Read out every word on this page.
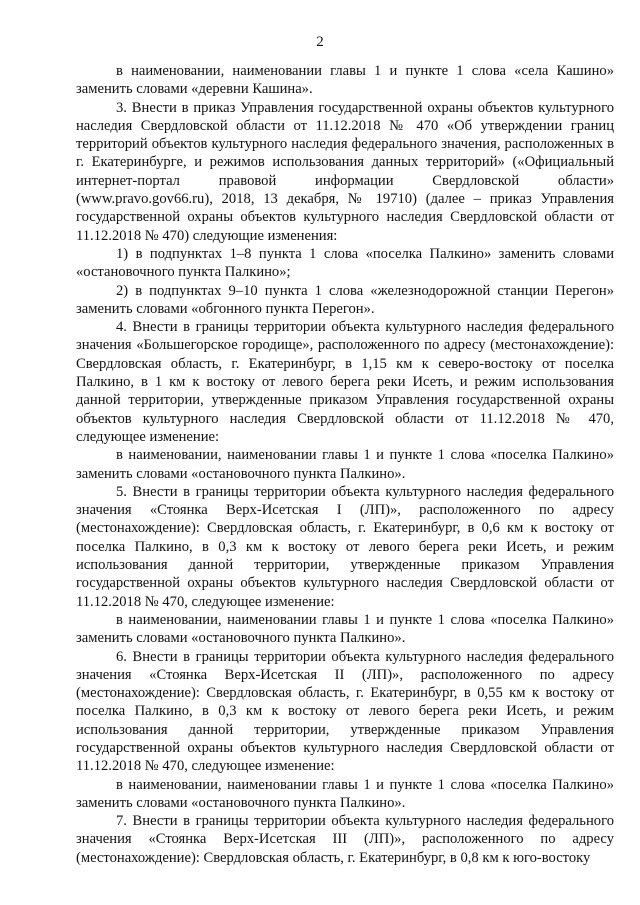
2

в наименовании, наименовании главы 1 и пункте 1 слова «села Кашино» заменить словами «деревни Кашина».

3. Внести в приказ Управления государственной охраны объектов культурного наследия Свердловской области от 11.12.2018 № 470 «Об утверждении границ территорий объектов культурного наследия федерального значения, расположенных в г. Екатеринбурге, и режимов использования данных территорий» («Официальный интернет-портал правовой информации Свердловской области» (www.pravo.gov66.ru), 2018, 13 декабря, № 19710) (далее – приказ Управления государственной охраны объектов культурного наследия Свердловской области от 11.12.2018 № 470) следующие изменения:

1) в подпунктах 1–8 пункта 1 слова «поселка Палкино» заменить словами «остановочного пункта Палкино»;

2) в подпунктах 9–10 пункта 1 слова «железнодорожной станции Перегон» заменить словами «обгонного пункта Перегон».

4. Внести в границы территории объекта культурного наследия федерального значения «Большегорское городище», расположенного по адресу (местонахождение): Свердловская область, г. Екатеринбург, в 1,15 км к северо-востоку от поселка Палкино, в 1 км к востоку от левого берега реки Исеть, и режим использования данной территории, утвержденные приказом Управления государственной охраны объектов культурного наследия Свердловской области от 11.12.2018 № 470, следующее изменение:

в наименовании, наименовании главы 1 и пункте 1 слова «поселка Палкино» заменить словами «остановочного пункта Палкино».

5. Внести в границы территории объекта культурного наследия федерального значения «Стоянка Верх-Исетская I (ЛП)», расположенного по адресу (местонахождение): Свердловская область, г. Екатеринбург, в 0,6 км к востоку от поселка Палкино, в 0,3 км к востоку от левого берега реки Исеть, и режим использования данной территории, утвержденные приказом Управления государственной охраны объектов культурного наследия Свердловской области от 11.12.2018 № 470, следующее изменение:

в наименовании, наименовании главы 1 и пункте 1 слова «поселка Палкино» заменить словами «остановочного пункта Палкино».

6. Внести в границы территории объекта культурного наследия федерального значения «Стоянка Верх-Исетская II (ЛП)», расположенного по адресу (местонахождение): Свердловская область, г. Екатеринбург, в 0,55 км к востоку от поселка Палкино, в 0,3 км к востоку от левого берега реки Исеть, и режим использования данной территории, утвержденные приказом Управления государственной охраны объектов культурного наследия Свердловской области от 11.12.2018 № 470, следующее изменение:

в наименовании, наименовании главы 1 и пункте 1 слова «поселка Палкино» заменить словами «остановочного пункта Палкино».

7. Внести в границы территории объекта культурного наследия федерального значения «Стоянка Верх-Исетская III (ЛП)», расположенного по адресу (местонахождение): Свердловская область, г. Екатеринбург, в 0,8 км к юго-востоку
